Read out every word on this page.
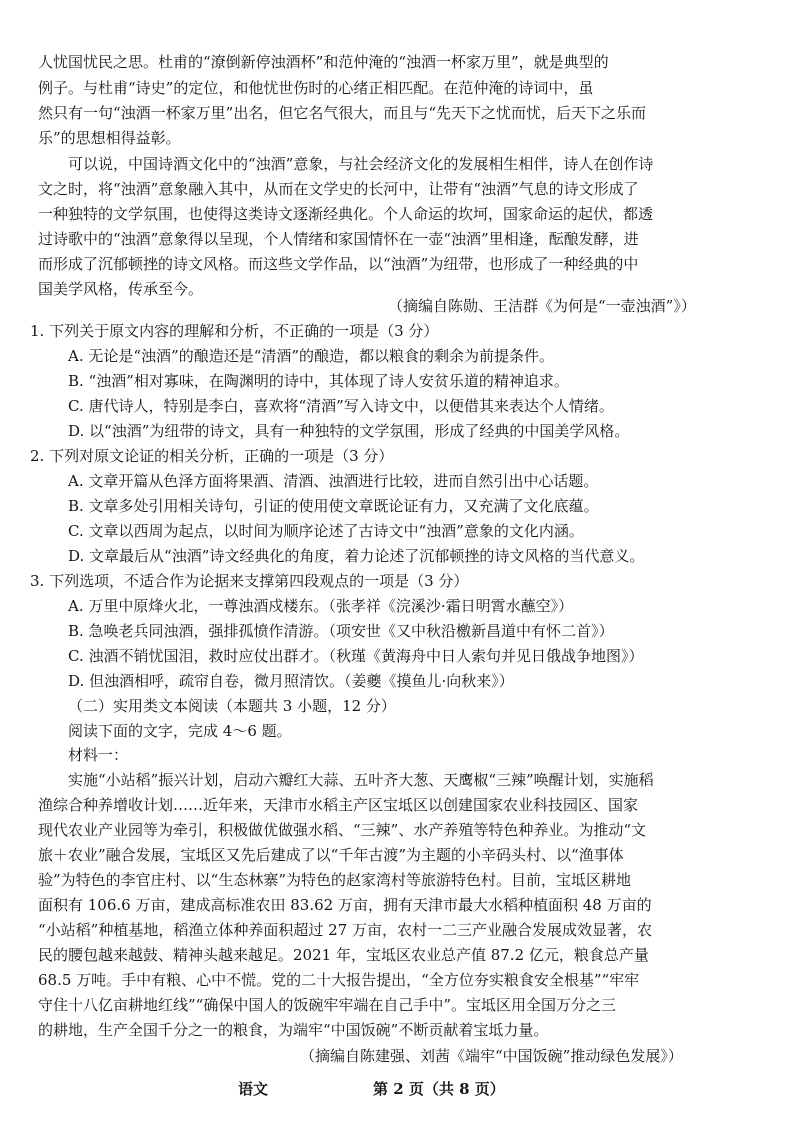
人忧国忧民之思。杜甫的“潦倒新停浊酒杯”和范仲淹的“浊酒一杯家万里”，就是典型的
例子。与杜甫“诗史”的定位，和他忧世伤时的心绪正相匹配。在范仲淹的诗词中，虽
然只有一句“浊酒一杯家万里”出名，但它名气很大，而且与“先天下之忧而忧，后天下之乐而
乐”的思想相得益彰。
可以说，中国诗酒文化中的“浊酒”意象，与社会经济文化的发展相生相伴，诗人在创作诗
文之时，将“浊酒”意象融入其中，从而在文学史的长河中，让带有“浊酒”气息的诗文形成了
一种独特的文学氛围，也使得这类诗文逐渐经典化。个人命运的坎坷，国家命运的起伏，都透
过诗歌中的“浊酒”意象得以呈现，个人情绪和家国情怀在一壶“浊酒”里相逢，酝酿发酵，进
而形成了沉郁顿挫的诗文风格。而这些文学作品，以“浊酒”为纽带，也形成了一种经典的中
国美学风格，传承至今。
（摘编自陈勋、王洁群《为何是“一壶浊酒”》）
1. 下列关于原文内容的理解和分析，不正确的一项是（3 分）
A. 无论是“浊酒”的酿造还是“清酒”的酿造，都以粮食的剩余为前提条件。
B. “浊酒”相对寡味，在陶渊明的诗中，其体现了诗人安贫乐道的精神追求。
C. 唐代诗人，特别是李白，喜欢将“清酒”写入诗文中，以便借其来表达个人情绪。
D. 以“浊酒”为纽带的诗文，具有一种独特的文学氛围，形成了经典的中国美学风格。
2. 下列对原文论证的相关分析，正确的一项是（3 分）
A. 文章开篇从色泽方面将果酒、清酒、浊酒进行比较，进而自然引出中心话题。
B. 文章多处引用相关诗句，引证的使用使文章既论证有力，又充满了文化底蕴。
C. 文章以西周为起点，以时间为顺序论述了古诗文中“浊酒”意象的文化内涵。
D. 文章最后从“浊酒”诗文经典化的角度，着力论述了沉郁顿挫的诗文风格的当代意义。
3. 下列选项，不适合作为论据来支撑第四段观点的一项是（3 分）
A. 万里中原烽火北，一尊浊酒戍楼东。（张孝祥《浣溪沙·霜日明霄水蘸空》）
B. 急唤老兵同浊酒，强排孤愤作清游。（项安世《又中秋沿檄新昌道中有怀二首》）
C. 浊酒不销忧国泪，救时应仗出群才。（秋瑾《黄海舟中日人索句并见日俄战争地图》）
D. 但浊酒相呼，疏帘自卷，微月照清饮。（姜夔《摸鱼儿·向秋来》）
（二）实用类文本阅读（本题共 3 小题，12 分）
阅读下面的文字，完成 4～6 题。
材料一：
实施“小站稻”振兴计划，启动六瓣红大蒜、五叶齐大葱、天鹰椒“三辣”唤醒计划，实施稻
渔综合种养增收计划……近年来，天津市水稻主产区宝坻区以创建国家农业科技园区、国家
现代农业产业园等为牵引，积极做优做强水稻、“三辣”、水产养殖等特色种养业。为推动“文
旅＋农业”融合发展，宝坻区又先后建成了以“千年古渡”为主题的小辛码头村、以“渔事体
验”为特色的李官庄村、以“生态林寨”为特色的赵家湾村等旅游特色村。目前，宝坻区耕地
面积有 106.6 万亩，建成高标准农田 83.62 万亩，拥有天津市最大水稻种植面积 48 万亩的
“小站稻”种植基地，稻渔立体种养面积超过 27 万亩，农村一二三产业融合发展成效显著，农
民的腰包越来越鼓、精神头越来越足。2021 年，宝坻区农业总产值 87.2 亿元，粮食总产量
68.5 万吨。手中有粮、心中不慌。党的二十大报告提出，“全方位夯实粮食安全根基”“牢牢
守住十八亿亩耕地红线”“确保中国人的饭碗牢牢端在自己手中”。宝坻区用全国万分之三
的耕地，生产全国千分之一的粮食，为端牢“中国饭碗”不断贡献着宝坻力量。
（摘编自陈建强、刘茜《端牢“中国饭碗”推动绿色发展》）
语文	第 2 页（共 8 页）
